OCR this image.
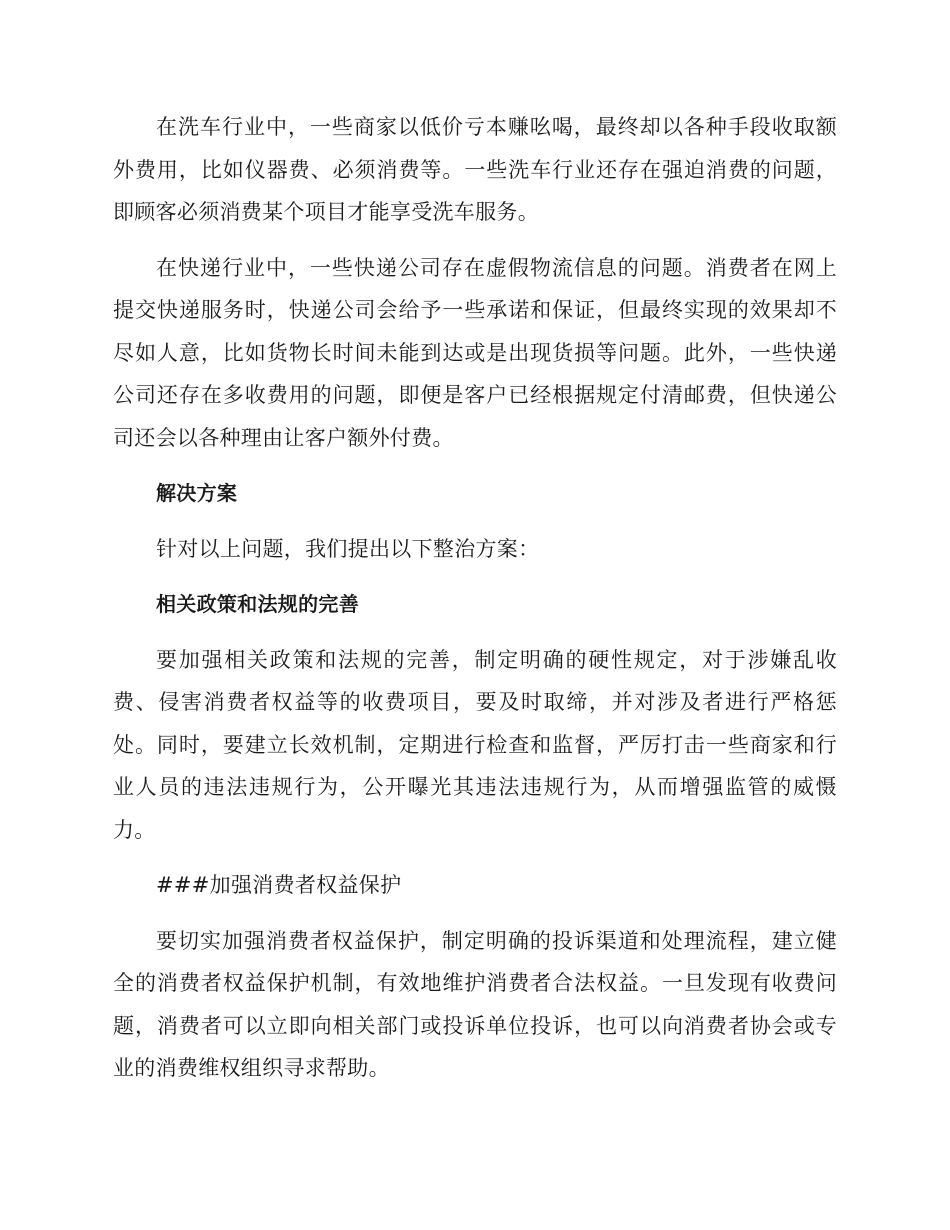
在洗车行业中，一些商家以低价亏本赚吆喝，最终却以各种手段收取额外费用，比如仪器费、必须消费等。一些洗车行业还存在强迫消费的问题，即顾客必须消费某个项目才能享受洗车服务。

在快递行业中，一些快递公司存在虚假物流信息的问题。消费者在网上提交快递服务时，快递公司会给予一些承诺和保证，但最终实现的效果却不尽如人意，比如货物长时间未能到达或是出现货损等问题。此外，一些快递公司还存在多收费用的问题，即便是客户已经根据规定付清邮费，但快递公司还会以各种理由让客户额外付费。

解决方案

针对以上问题，我们提出以下整治方案：

相关政策和法规的完善

要加强相关政策和法规的完善，制定明确的硬性规定，对于涉嫌乱收费、侵害消费者权益等的收费项目，要及时取缔，并对涉及者进行严格惩处。同时，要建立长效机制，定期进行检查和监督，严厉打击一些商家和行业人员的违法违规行为，公开曝光其违法违规行为，从而增强监管的威慑力。

###加强消费者权益保护

要切实加强消费者权益保护，制定明确的投诉渠道和处理流程，建立健全的消费者权益保护机制，有效地维护消费者合法权益。一旦发现有收费问题，消费者可以立即向相关部门或投诉单位投诉，也可以向消费者协会或专业的消费维权组织寻求帮助。
